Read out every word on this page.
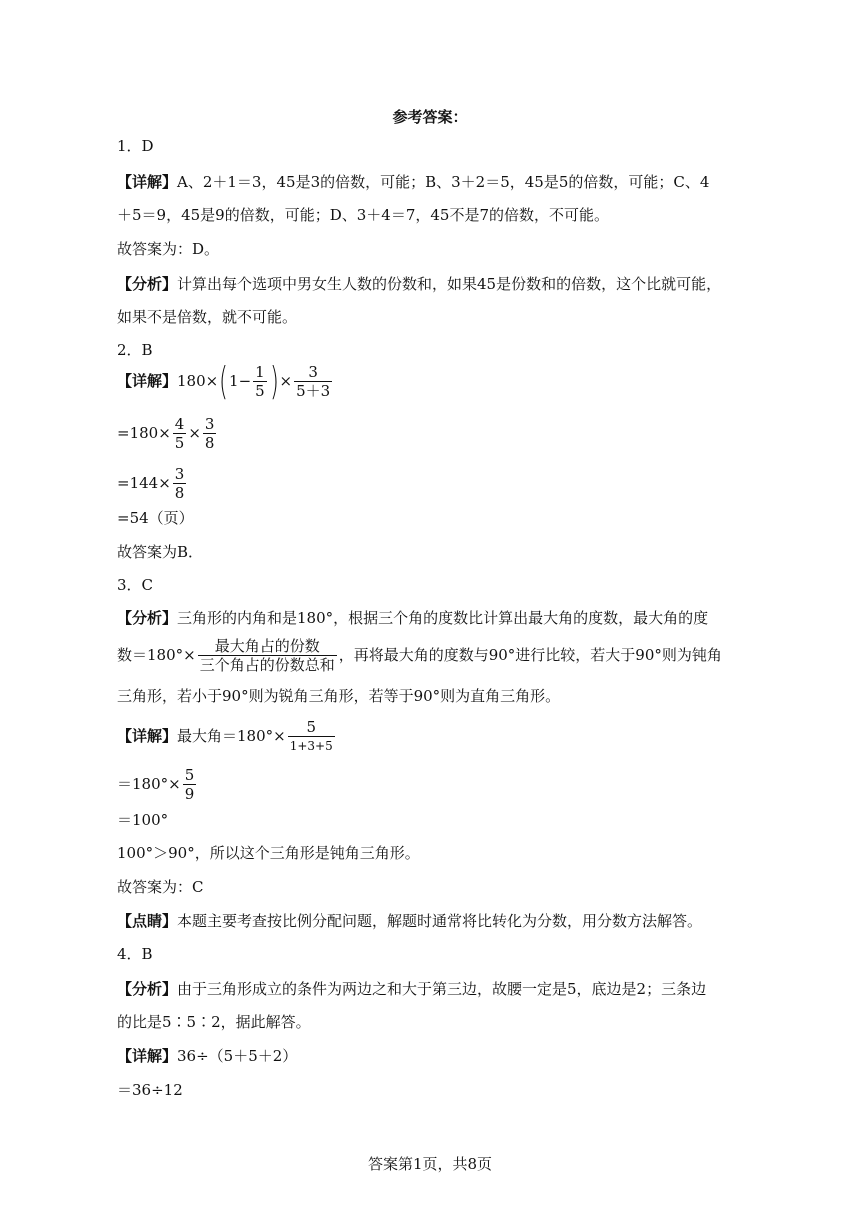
参考答案：
1．D
【详解】A、2＋1＝3，45是3的倍数，可能；B、3＋2＝5，45是5的倍数，可能；C、4
＋5＝9，45是9的倍数，可能；D、3＋4＝7，45不是7的倍数，不可能。
故答案为：D。
【分析】计算出每个选项中男女生人数的份数和，如果45是份数和的倍数，这个比就可能，
如果不是倍数，就不可能。
2．B
【详解】 180× ( $1- \frac{1}{5}$ ) × $\frac{3}{5+3}$
$=180\times \frac{4}{5} \times \frac{3}{8}$
$=144\times \frac{3}{8}$
=54（页）
故答案为B．
3．C
【分析】三角形的内角和是180°，根据三个角的度数比计算出最大角的度数，最大角的度
数$=180^\circ\times \frac{\text{最大角占的份数}}{\text{三个角占的份数总和}}$ ，再将最大角的度数与90°进行比较，若大于90°则为钝角
三角形，若小于90°则为锐角三角形，若等于90°则为直角三角形。
【详解】 最大角$=180^\circ\times \frac{5}{1+3+5}$
$=180^\circ\times \frac{5}{9}$
＝100°
100°＞90°，所以这个三角形是钝角三角形。
故答案为：C
【点睛】本题主要考查按比例分配问题，解题时通常将比转化为分数，用分数方法解答。
4．B
【分析】由于三角形成立的条件为两边之和大于第三边，故腰一定是5，底边是2；三条边
的比是5∶5∶2，据此解答。
【详解】36÷（5＋5＋2）
＝36÷12
答案第1页，共8页
